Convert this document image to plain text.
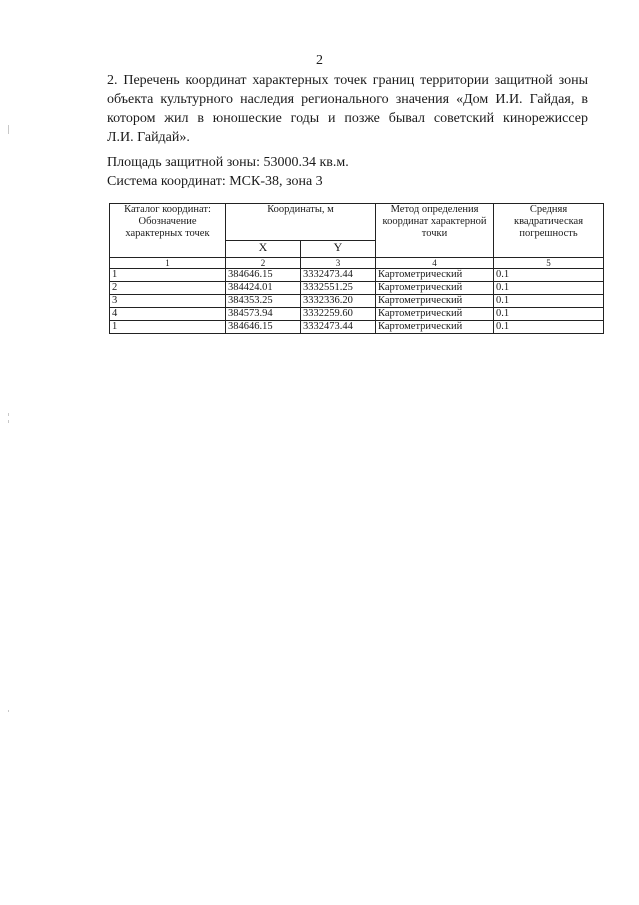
2

2. Перечень координат характерных точек границ территории защитной зоны
объекта культурного наследия регионального значения «Дом И.И. Гайдая, в
котором жил в юношеские годы и позже бывал советский кинорежиссер
Л.И. Гайдай».

Площадь защитной зоны: 53000.34 кв.м.
Система координат: МСК-38, зона 3
Каталог координат: Обозначение характерных точек	Координаты, м		Метод определения координат характерной точки	Средняя квадратическая погрешность
	X	Y		
1	2	3	4	5
1	384646.15	3332473.44	Картометрический	0.1
2	384424.01	3332551.25	Картометрический	0.1
3	384353.25	3332336.20	Картометрический	0.1
4	384573.94	3332259.60	Картометрический	0.1
1	384646.15	3332473.44	Картометрический	0.1
